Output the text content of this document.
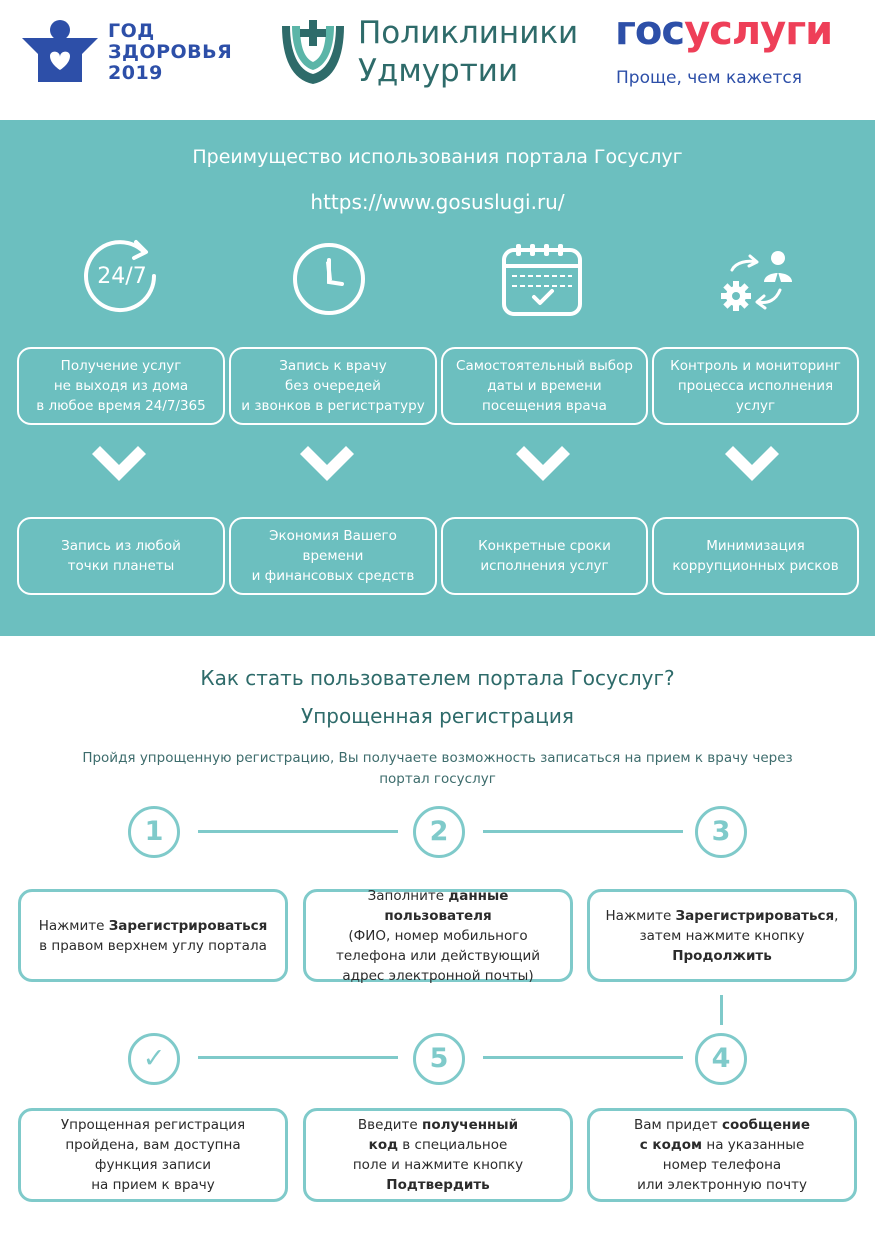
ГОД
ЗДОРОВЬЯ
2019
Поликлиники
Удмуртии
госуслуги
Проще, чем кажется
Преимущество использования портала Госуслуг
https://www.gosuslugi.ru/
24/7
Получение услуг
не выходя из дома
в любое время 24/7/365
Запись к врачу
без очередей
и звонков в регистратуру
Самостоятельный выбор
даты и времени
посещения врача
Контроль и мониторинг
процесса исполнения
услуг
Запись из любой
точки планеты
Экономия Вашего
времени
и финансовых средств
Конкретные сроки
исполнения услуг
Минимизация
коррупционных рисков
Как стать пользователем портала Госуслуг?
Упрощенная регистрация
Пройдя упрощенную регистрацию, Вы получаете возможность записаться на прием к врачу через
портал госуслуг
1	2	3
Нажмите Зарегистрироваться
в правом верхнем углу портала
Заполните данные пользователя
(ФИО, номер мобильного
телефона или действующий
адрес электронной почты)
Нажмите Зарегистрироваться,
затем нажмите кнопку
Продолжить
✓	5	4
Упрощенная регистрация
пройдена, вам доступна
функция записи
на прием к врачу
Введите полученный
код в специальное
поле и нажмите кнопку
Подтвердить
Вам придет сообщение
с кодом на указанные
номер телефона
или электронную почту
